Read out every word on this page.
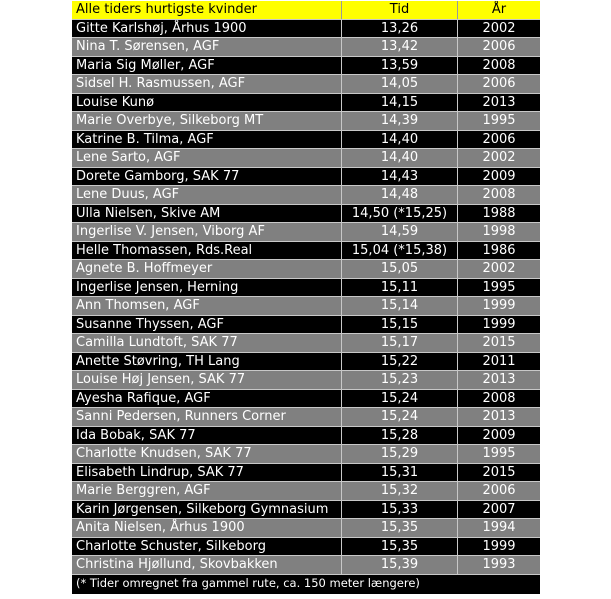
Alle tiders hurtigste kvinder	Tid	År
Gitte Karlshøj, Århus 1900	13,26	2002
Nina T. Sørensen, AGF	13,42	2006
Maria Sig Møller, AGF	13,59	2008
Sidsel H. Rasmussen, AGF	14,05	2006
Louise Kunø	14,15	2013
Marie Overbye, Silkeborg MT	14,39	1995
Katrine B. Tilma, AGF	14,40	2006
Lene Sarto, AGF	14,40	2002
Dorete Gamborg, SAK 77	14,43	2009
Lene Duus, AGF	14,48	2008
Ulla Nielsen, Skive AM	14,50 (*15,25)	1988
Ingerlise V. Jensen, Viborg AF	14,59	1998
Helle Thomassen, Rds.Real	15,04 (*15,38)	1986
Agnete B. Hoffmeyer	15,05	2002
Ingerlise Jensen, Herning	15,11	1995
Ann Thomsen, AGF	15,14	1999
Susanne Thyssen, AGF	15,15	1999
Camilla Lundtoft, SAK 77	15,17	2015
Anette Støvring, TH Lang	15,22	2011
Louise Høj Jensen, SAK 77	15,23	2013
Ayesha Rafique, AGF	15,24	2008
Sanni Pedersen, Runners Corner	15,24	2013
Ida Bobak, SAK 77	15,28	2009
Charlotte Knudsen, SAK 77	15,29	1995
Elisabeth Lindrup, SAK 77	15,31	2015
Marie Berggren, AGF	15,32	2006
Karin Jørgensen, Silkeborg Gymnasium	15,33	2007
Anita Nielsen, Århus 1900	15,35	1994
Charlotte Schuster, Silkeborg	15,35	1999
Christina Hjøllund, Skovbakken	15,39	1993
(* Tider omregnet fra gammel rute, ca. 150 meter længere)
